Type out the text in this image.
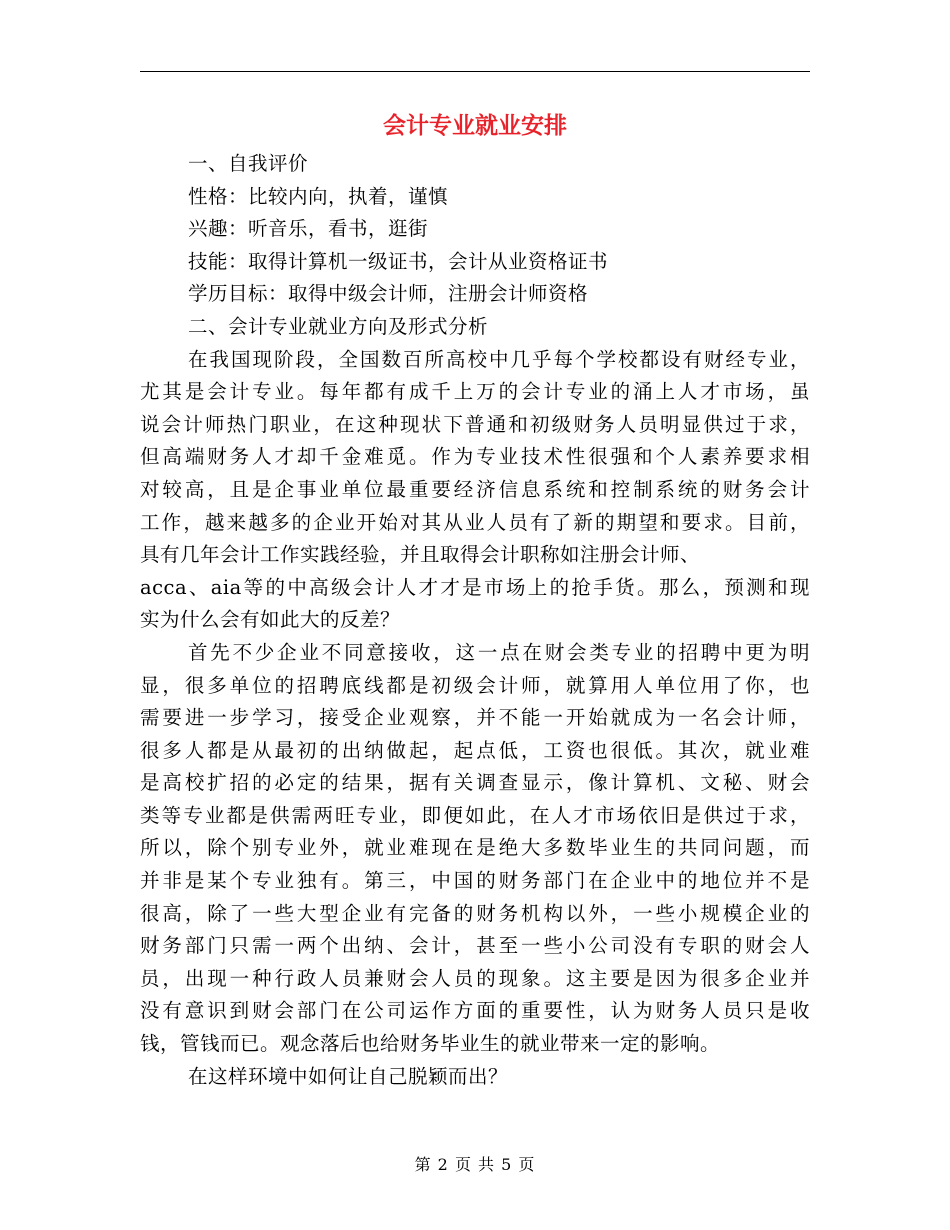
会计专业就业安排
一、自我评价
性格：比较内向，执着，谨慎
兴趣：听音乐，看书，逛街
技能：取得计算机一级证书，会计从业资格证书
学历目标：取得中级会计师，注册会计师资格
二、会计专业就业方向及形式分析
在我国现阶段，全国数百所高校中几乎每个学校都设有财经专业，
尤其是会计专业。每年都有成千上万的会计专业的涌上人才市场，虽
说会计师热门职业，在这种现状下普通和初级财务人员明显供过于求，
但高端财务人才却千金难觅。作为专业技术性很强和个人素养要求相
对较高，且是企事业单位最重要经济信息系统和控制系统的财务会计
工作，越来越多的企业开始对其从业人员有了新的期望和要求。目前，
具有几年会计工作实践经验，并且取得会计职称如注册会计师、
acca、aia等的中高级会计人才才是市场上的抢手货。那么，预测和现
实为什么会有如此大的反差？
首先不少企业不同意接收，这一点在财会类专业的招聘中更为明
显，很多单位的招聘底线都是初级会计师，就算用人单位用了你，也
需要进一步学习，接受企业观察，并不能一开始就成为一名会计师，
很多人都是从最初的出纳做起，起点低，工资也很低。其次，就业难
是高校扩招的必定的结果，据有关调查显示，像计算机、文秘、财会
类等专业都是供需两旺专业，即便如此，在人才市场依旧是供过于求，
所以，除个别专业外，就业难现在是绝大多数毕业生的共同问题，而
并非是某个专业独有。第三，中国的财务部门在企业中的地位并不是
很高，除了一些大型企业有完备的财务机构以外，一些小规模企业的
财务部门只需一两个出纳、会计，甚至一些小公司没有专职的财会人
员，出现一种行政人员兼财会人员的现象。这主要是因为很多企业并
没有意识到财会部门在公司运作方面的重要性，认为财务人员只是收
钱，管钱而已。观念落后也给财务毕业生的就业带来一定的影响。
在这样环境中如何让自己脱颖而出？
第 2 页 共 5 页
